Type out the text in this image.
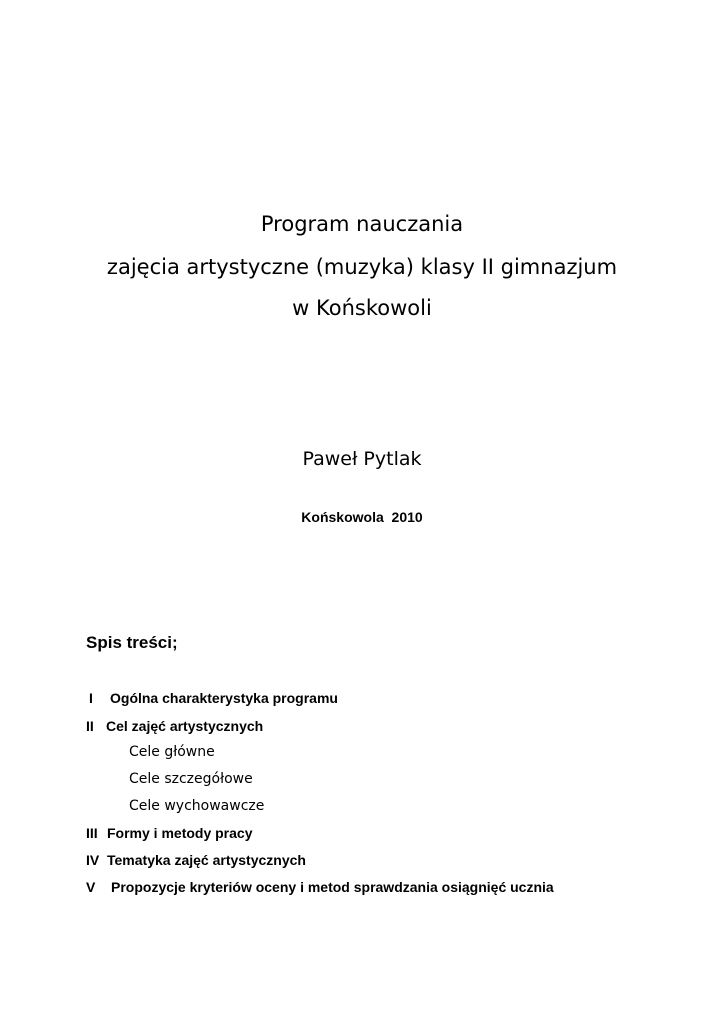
Program nauczania
zajęcia artystyczne (muzyka) klasy II gimnazjum
w Końskowoli
Paweł Pytlak
Końskowola  2010
Spis treści;
I Ogólna charakterystyka programu
II Cel zajęć artystycznych
Cele główne
Cele szczegółowe
Cele wychowawcze
III Formy i metody pracy
IV Tematyka zajęć artystycznych
V Propozycje kryteriów oceny i metod sprawdzania osiągnięć ucznia
